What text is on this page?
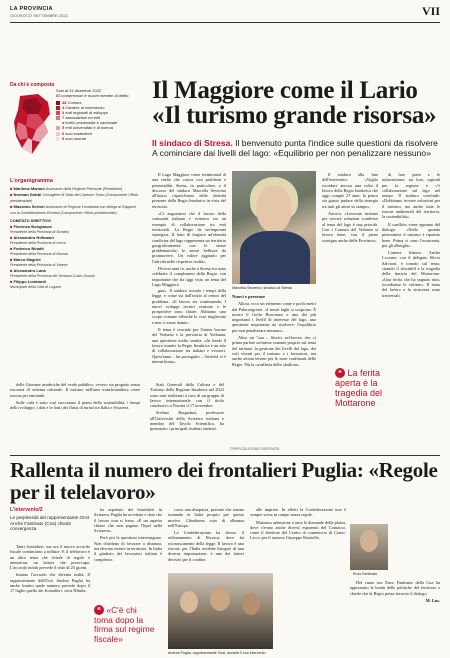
LA PROVINCIA
GIOVEDÌ 22 SETTEMBRE 2022	VII
Da chi è composta
Soci al 31 dicembre 2022
83 comprensori e nuove membri di diritto
38 Comuni
4 Camere di commercio
3 enti regionali di sviluppo
7 associazioni ed enti
a livello provinciale e cantonale
5 enti universitari e di ricerca
6 soci sostenitori
9 soci onorari
L'organigramma
■ Marilena Manani Assessore della Regione Piemonte (Presidente)
■ Norman Gobbi Consigliere di Stato del Cantone Ticino (Componente Ufficio presidenziale)
■ Massimo Sertori Assessore di Regione Lombardia con delega ai Rapporti con la Confederazione Elvetica (Componente Ufficio presidenziale)
COMITATO DIRETTIVO
■ Florenzo Bongiasca
Presidente della Provincia di Sondrio
■ Alessandro Hofmann
Presidente della Provincia di Lecco
■ Federico Binatti
Presidente della Provincia di Novara
■ Marco Magrini
Presidente della Provincia di Varese
■ Alessandro Lana
Presidente della Provincia del Verbano-Cusio-Ossola
■ Filippo Lombardi
Municipale della Città di Lugano
Il Maggiore come il Lario «Il turismo grande risorsa»
Il sindaco di Stresa. Il benvenuto punta l'indice sulle questioni da risolvere A cominciare dai livelli del lago: «Equilibrio per non penalizzare nessuno»

Il Lago Maggiore come testimonial di una realtà che cresce con problemi e potenzialità. Stresa, in particolare, e il discorso del sindaco Marcella Severino all'inizio rispecchiano delle identità presente della Regio Insubrica in vista del territorio.

«Ci auguriamo che il lavoro della comunità italiana e svizzera sia un esempio di collaborazione tra enti territoriali. La Regio da un'impronta strategica. Il fatto di forgiare un'identità condivisa del lago rappresenta un territorio geograficamente con le stesse problematiche, le stesse bellezze da promuovere. Un valore aggiunto per l'attività nelle rispettive realtà».

Diversi anni fa, anche a Stresa era stato celebrato il compleanno della Regio, con importante che ha oggi visto un tema del Lago Maggiore.

Marcella Severino, sindaco di Stresa

Nuovi e presenze

Allora, ecco un elemento come e pochi metri dal Palacongressi. «I nostri laghi si scoprono. È nostro il Golfo Borromeo e uno dei più importanti i livelli di interesse del lago, una questione importante da risolvere: l'equilibrio per non penalizzare nessuno».

Altro un "sua – Storici sul-lavoro che ci prima parlare un'intesa comune proprio sul tema del turismo, la gestione dei livelli del lago, dei voli vissuti per il turismo e i lavoratori, ma anche alcuni terreni per le zone confinanti delle Regio. Più la cavalleria della «bulloni».

gua». Il sindaco ricorda i tempi della legge, e come sia dall'inizio al centro del problema. «Il lavoro sta continuando. I nuovi sviluppi tecnici esistono e le prospettive sono chiare. Abbiamo uno scopo comune affinché le cose migliorino e non ci siano danni».

Il tema è cruciale per l'intero bacino del Verbano e la provincia di Verbania, una questione molto sentita. «In fondo il lavoro tramite la Regio Insubrica è un atto di collaborazione tra italiani e svizzeri. Quest'anno – ha proseguito – l'attività si è intensificata».

Il sindaco alla fine dell'intervento: «Voglio ricordare ancora una volta il lavoro della Regio Insubrica che oggi compie 27 anni. Io penso sia giusto parlare della sinergia tra tutti gli attori in campo».

Ancora: «Lavorare insieme per trovare soluzioni condivise al tema del lago è una priorità. Con i Comuni del Verbano si lavora bene, con il pieno sostegno anche delle Province».

di fare piani e le infrastrutture, tra loro, capitali per la regione e c'è collaborazione sul lago nel tempo. Il sindaco conclude: «Dobbiamo trovare soluzioni per il turismo, ma anche tutte le risorse ambientali del territorio, la sostenibilità».

Il conflitto viene appunto dal dialogo: «Nella sponda piemontese il turismo è ripartito bene. Prima ci sono l'economia, poi gli alberghi».

Camera lettiera: Anche Locarno, con il delegato Silvio Salvioni, è tornato sul tema, citando il downhill e la tragedia della funivia del Mottarone: «Una ferita che ha segnato tutti, ricordiamo le vittime». Il tema del lavoro e la sicurezza sono trasversali.

“ La ferita aperta è la tragedia del Mottarone

delle Giornate insubriche del verde pubblico, ovvero sia progetto senza riscontri di sistema culturale. Il turismo nell'area transfrontaliera come risorsa per entrambi.

Sulle città è stato così raccontato il piano della sostenibilità, i tempi dello sviluppo, i dati e le fonti dei flussi di turisti tra Italia e Svizzera.

Stati Generali della Cultura e del Turismo della Regione Insubrica nel 2022 sono stati realizzati a cura di un gruppo di lavoro internazionale con il titolo conclusivo a Novara il 17 novembre.

Stefano Bragadani, professore all'Università della Svizzera italiana e membro del Tavolo Scientifico, ha presentato i principali risultati ottenuti.

©RIPRODUZIONE RISERVATA
Rallenta il numero dei frontalieri Puglia: «Regole per il telelavoro»
L'intervento/2
Le perplessità del rappresentante Ocst Anche Fantinato (Cna) chiede convergenza

Tanti frontalieri, ma ora il nuovo accordo fiscale cominciano a influire. E il telelavoro è un altro tema che chiede di regole e attenzioni, un fattore che preoccupa. L'accordo infatti prevede il tetto di 25 giorni.

Intanto l'accordo che diventa realtà. Il rappresentante dell'Ocst Andrea Puglia ha anche fornito quale numero prevede dopo il 17 luglio quello dei frontalieri, circa 80mila.

ha aspettato dei frontalieri in Svizzera. Puglia ha accettato e dato che il lavoro non si frena. «È un aspetto chiave che non pagano l'Irpef nella Svizzera».

Però poi le questioni intervengono. Non chiedono di lavorare a distanza, ma devono restare in territorio. In Italia il giudizio dei lavoratori italiani è complesso.

“ «C'è chi toma dopo la firma sul regime fiscale»

corso una disaparsa, persone che stanno tornando in Italia proprio per questo motivo. Chiediamo voto di alleanza nell'Europa.

La Confederazione ha deciso il rallentamento di Ricerca, dove fai riconoscimento della legge. Il lavoro è una risorsa, per l'Italia avrebbe bisogno di una diversa impostazione, è uno dei fattori decisivi per il confine.

Andrea Puglia, rappresentante Ocst, durante il suo intervento
Enzo Fantinato

alle imprese. In effetti la Confederazione non è sempre scesa in campo senza regole.

Massimo attenzione a tutte le domande della platea, dove c'erano anche diversi esponenti del Comasco, come il direttore del Centro di commercio di Como-Lecco per il turismo Giuseppe Rotatello.

Del canto suo Enzo Fantinato della Cna ha apprezzato la bontà delle politiche del territorio e chiede che la Regio possa favorire il dialogo.

M. Lus.
